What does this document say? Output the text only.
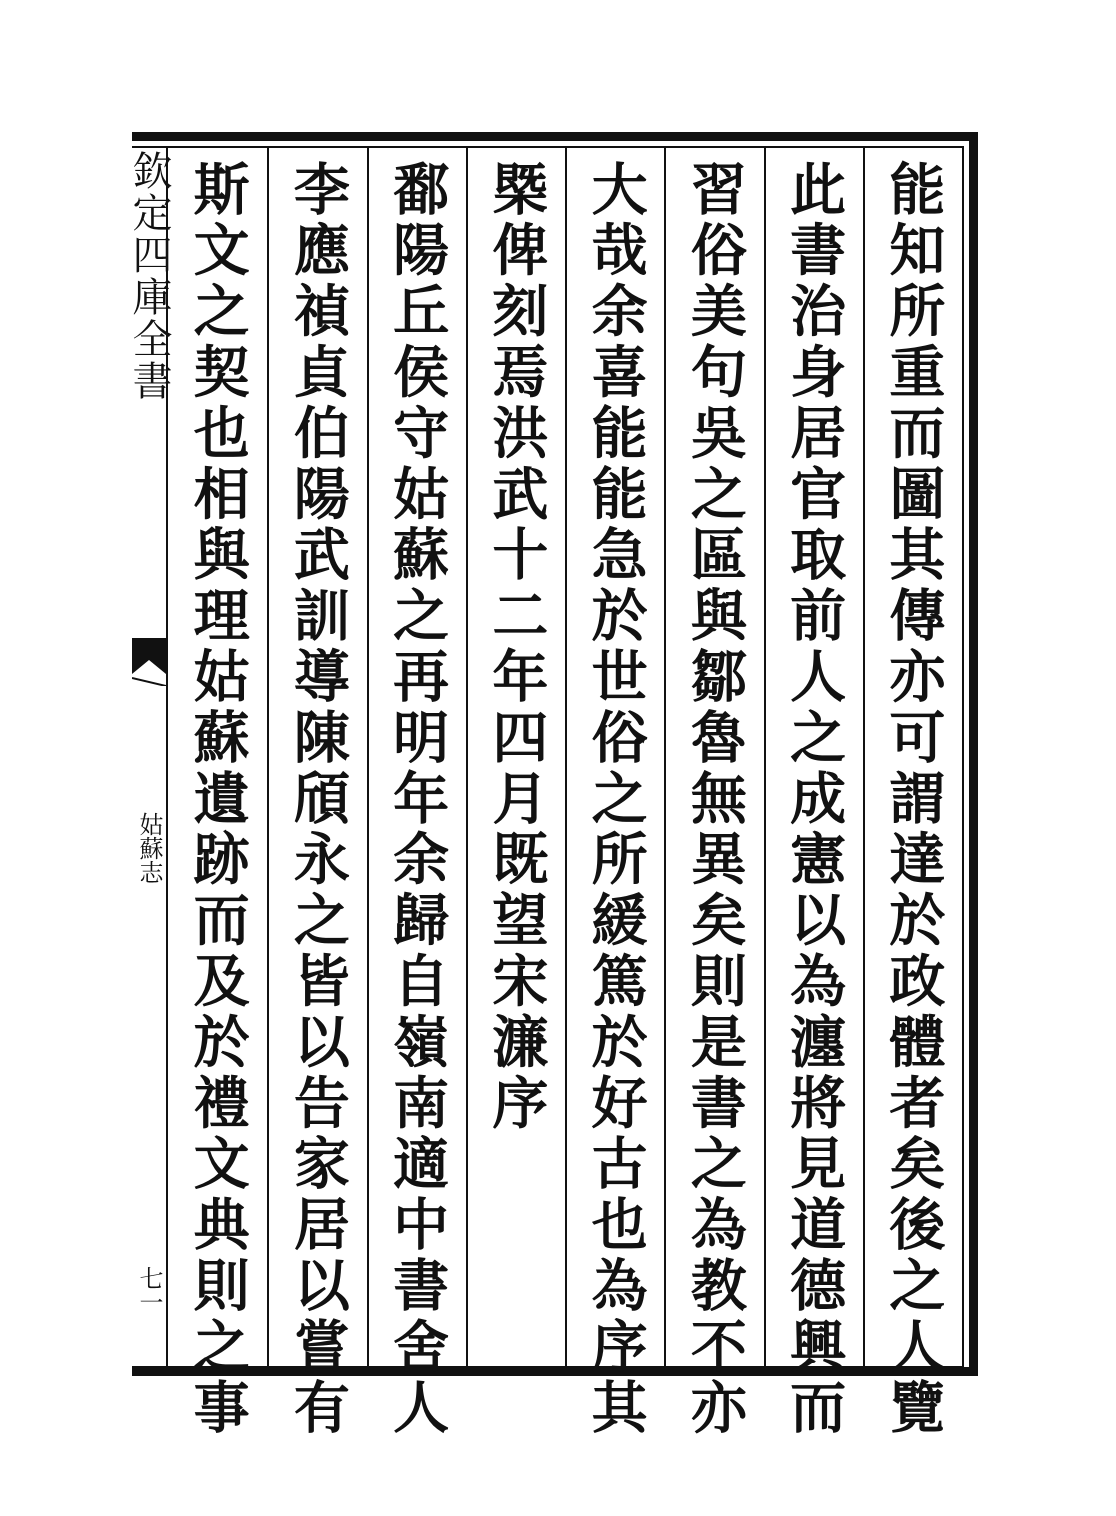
欽定四庫全書
姑蘇志
七一	能知所重而圖其傳亦可謂達於政體者矣後之人覽
此書治身居官取前人之成憲以為瀍將見道德興而
習俗美句吳之區與鄒魯無異矣則是書之為教不亦
大哉余喜能能急於世俗之所緩篤於好古也為序其
槩俾刻焉洪武十二年四月既望宋濂序
鄱陽丘侯守姑蘇之再明年余歸自嶺南適中書舍人
李應禎貞伯陽武訓導陳頎永之皆以告家居以嘗有
斯文之契也相與理姑蘇遺跡而及於禮文典則之事
